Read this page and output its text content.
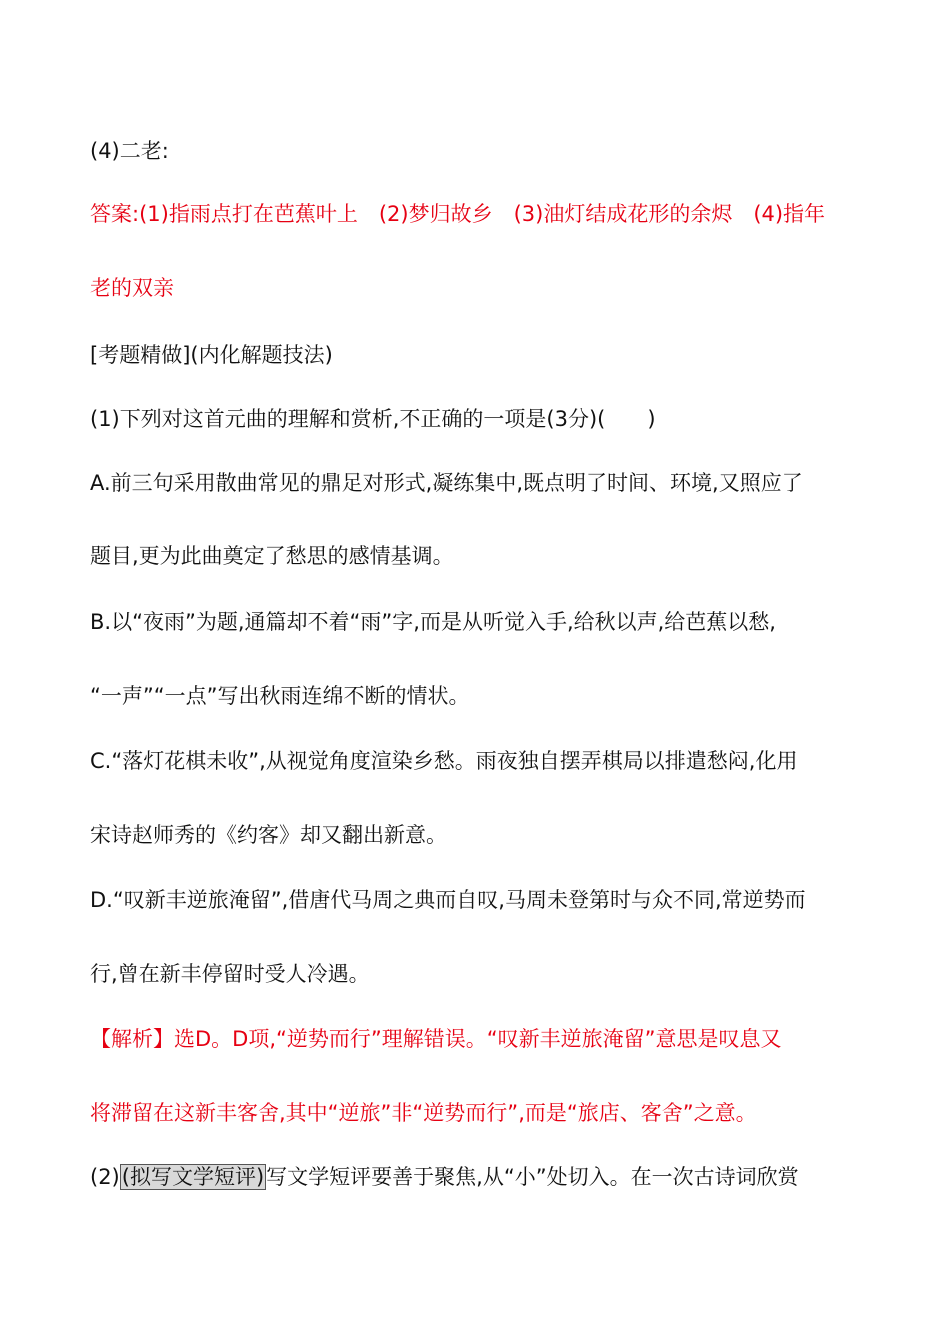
(4)二老:
答案:(1)指雨点打在芭蕉叶上　(2)梦归故乡　(3)油灯结成花形的余烬　(4)指年
老的双亲
[考题精做](内化解题技法)
(1)下列对这首元曲的理解和赏析,不正确的一项是(3分)(　　)
A.前三句采用散曲常见的鼎足对形式,凝练集中,既点明了时间、环境,又照应了
题目,更为此曲奠定了愁思的感情基调。
B.以“夜雨”为题,通篇却不着“雨”字,而是从听觉入手,给秋以声,给芭蕉以愁,
“一声”“一点”写出秋雨连绵不断的情状。
C.“落灯花棋未收”,从视觉角度渲染乡愁。雨夜独自摆弄棋局以排遣愁闷,化用
宋诗赵师秀的《约客》却又翻出新意。
D.“叹新丰逆旅淹留”,借唐代马周之典而自叹,马周未登第时与众不同,常逆势而
行,曾在新丰停留时受人冷遇。
【解析】选D。D项,“逆势而行”理解错误。“叹新丰逆旅淹留”意思是叹息又
将滞留在这新丰客舍,其中“逆旅”非“逆势而行”,而是“旅店、客舍”之意。
(2)(拟写文学短评)写文学短评要善于聚焦,从“小”处切入。在一次古诗词欣赏
